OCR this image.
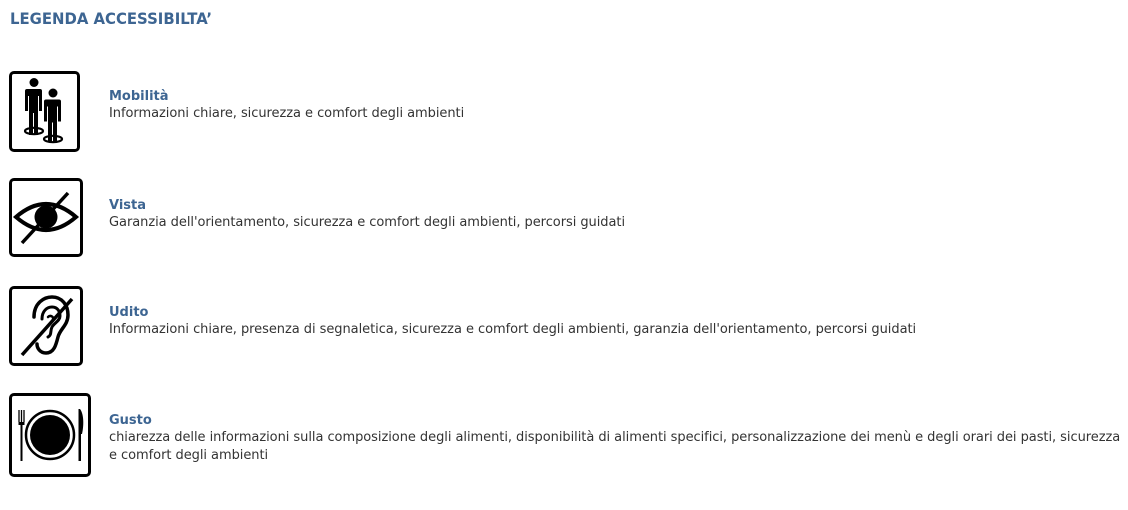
LEGENDA ACCESSIBILTA’

Mobilità

Informazioni chiare, sicurezza e comfort degli ambienti

Vista

Garanzia dell'orientamento, sicurezza e comfort degli ambienti, percorsi guidati

Udito

Informazioni chiare, presenza di segnaletica, sicurezza e comfort degli ambienti, garanzia dell'orientamento, percorsi guidati

Gusto

chiarezza delle informazioni sulla composizione degli alimenti, disponibilità di alimenti specifici, personalizzazione dei menù e degli orari dei pasti, sicurezza e comfort degli ambienti
